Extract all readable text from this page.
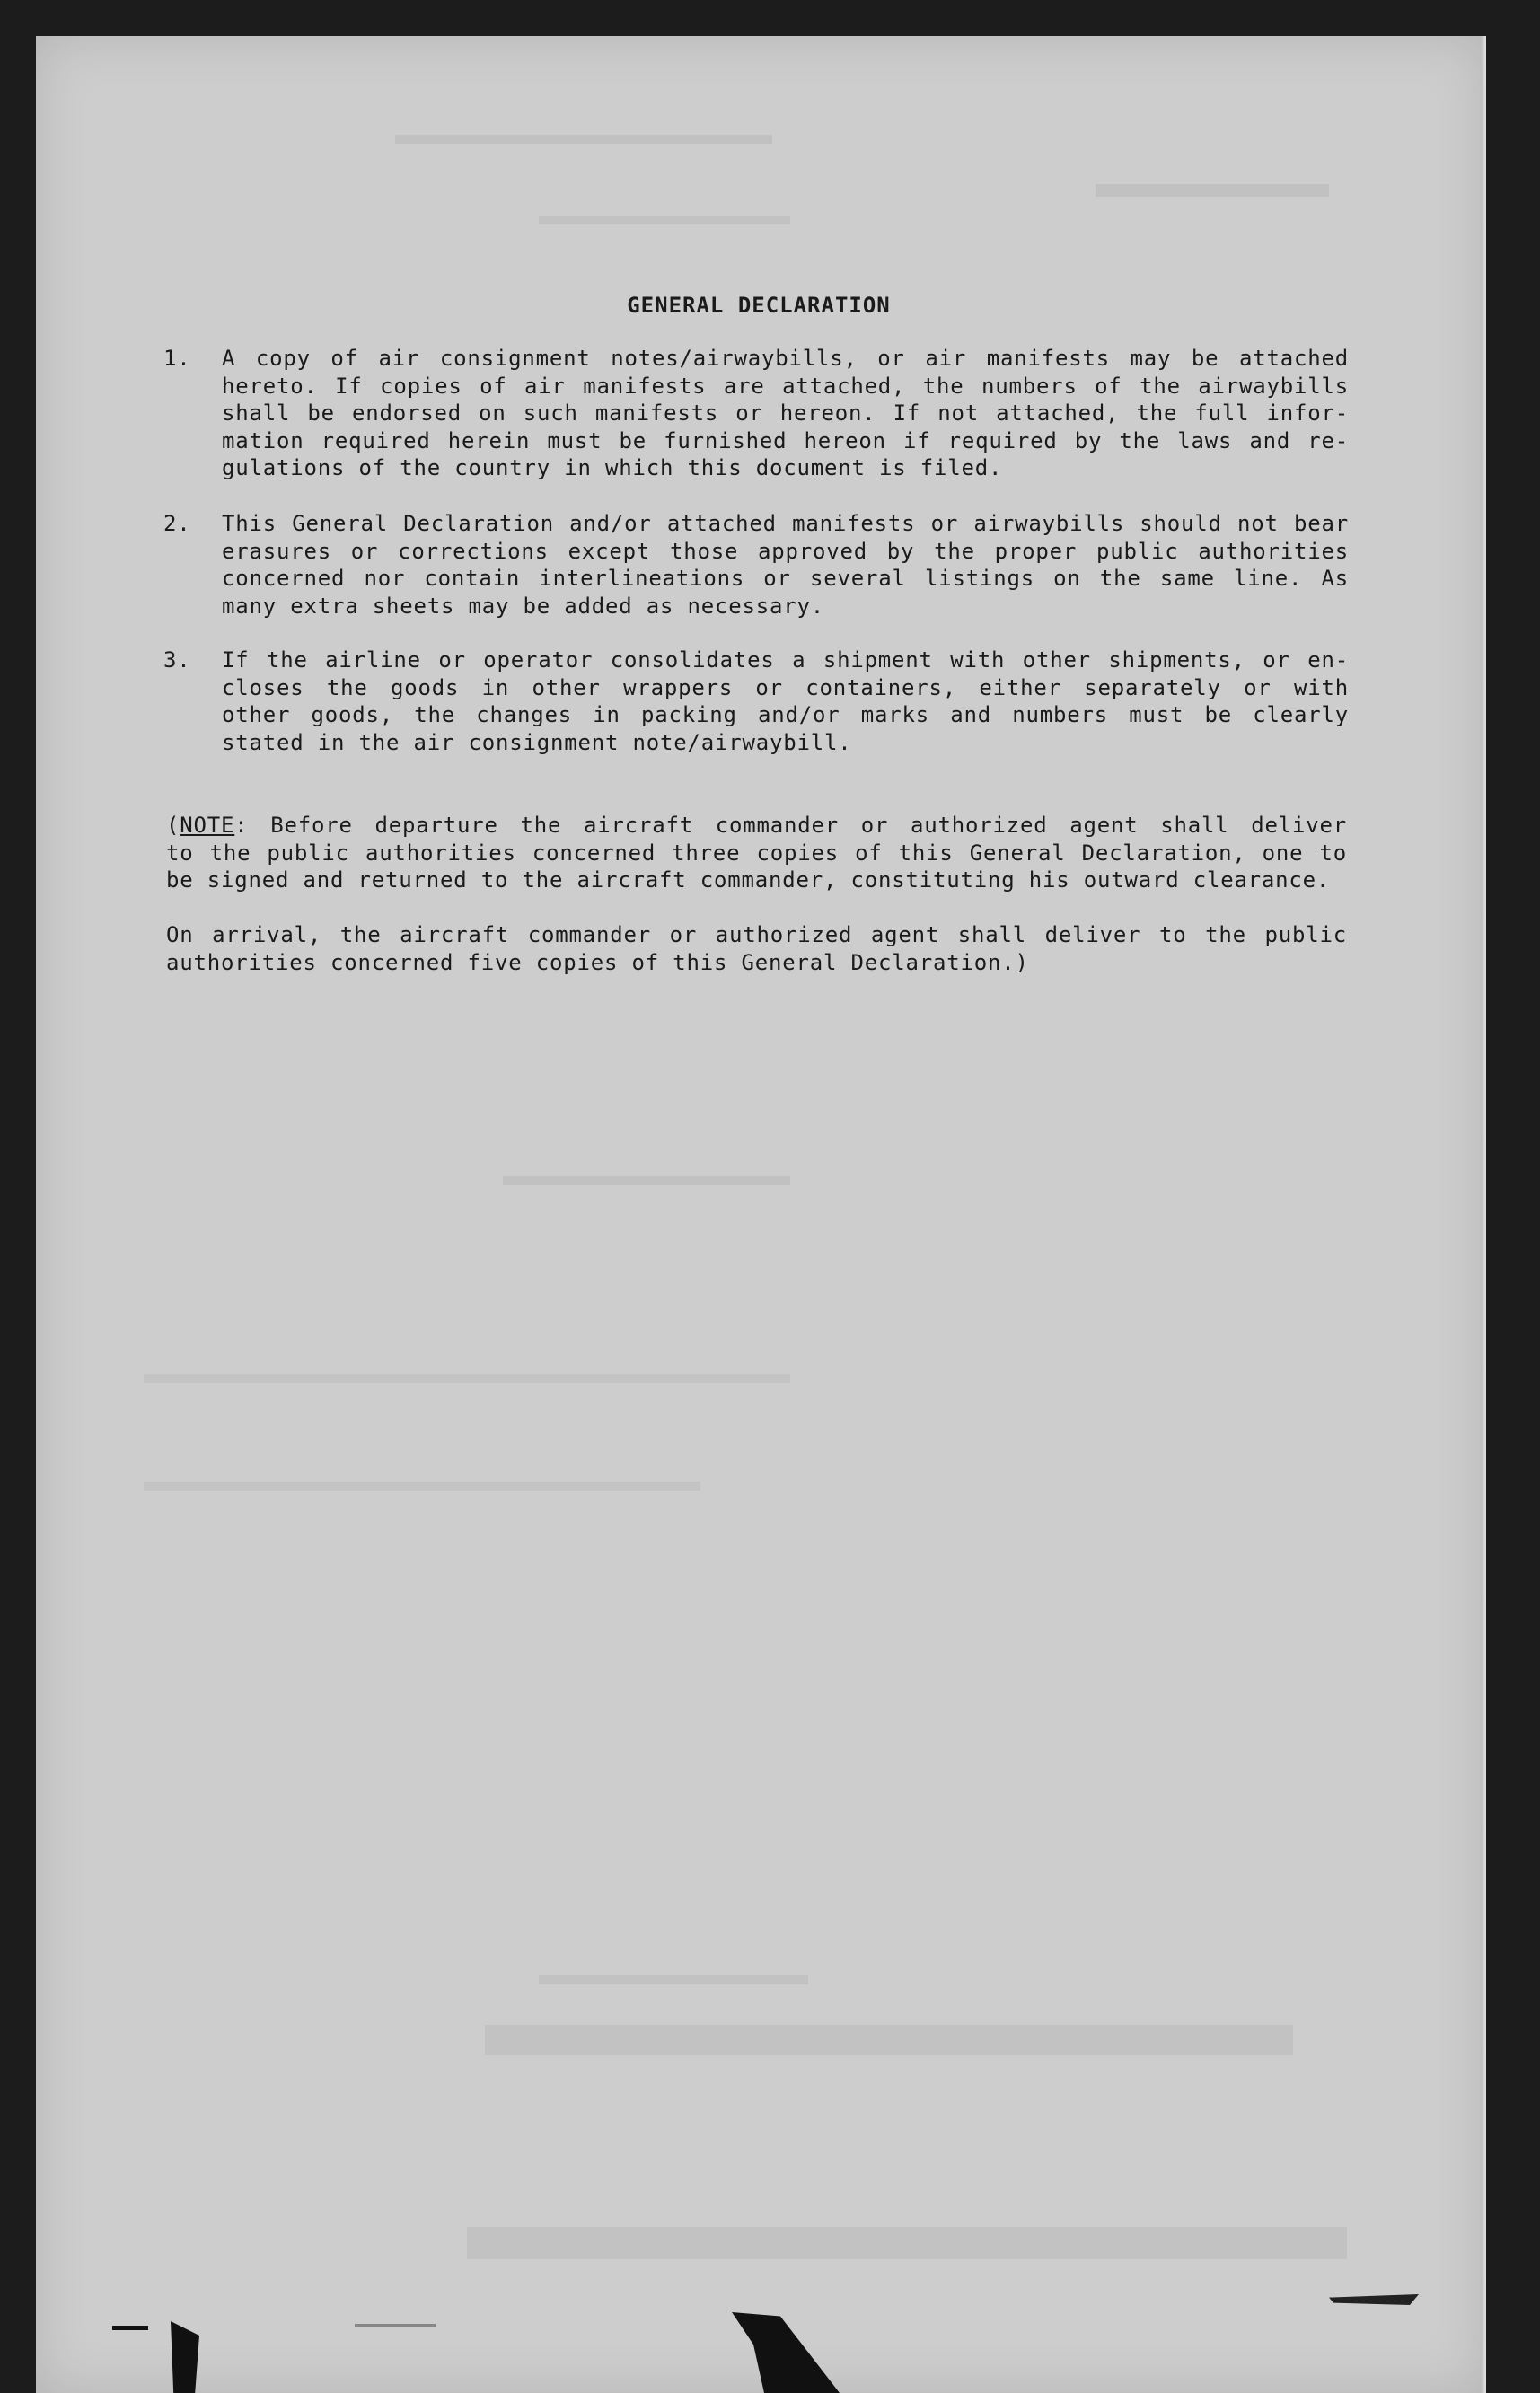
GENERAL DECLARATION
1.	A copy of air consignment notes/airwaybills, or air manifests may be attached
hereto. If copies of air manifests are attached, the numbers of the airwaybills
shall be endorsed on such manifests or hereon. If not attached, the full infor-
mation required herein must be furnished hereon if required by the laws and re-
gulations of the country in which this document is filed.
2.	This General Declaration and/or attached manifests or airwaybills should not bear
erasures or corrections except those approved by the proper public authorities
concerned nor contain interlineations or several listings on the same line. As
many extra sheets may be added as necessary.
3.	If the airline or operator consolidates a shipment with other shipments, or en-
closes the goods in other wrappers or containers, either separately or with
other goods, the changes in packing and/or marks and numbers must be clearly
stated in the air consignment note/airwaybill.
(NOTE: Before departure the aircraft commander or authorized agent shall deliver
to the public authorities concerned three copies of this General Declaration, one to
be signed and returned to the aircraft commander, constituting his outward clearance.
On arrival, the aircraft commander or authorized agent shall deliver to the public
authorities concerned five copies of this General Declaration.)
